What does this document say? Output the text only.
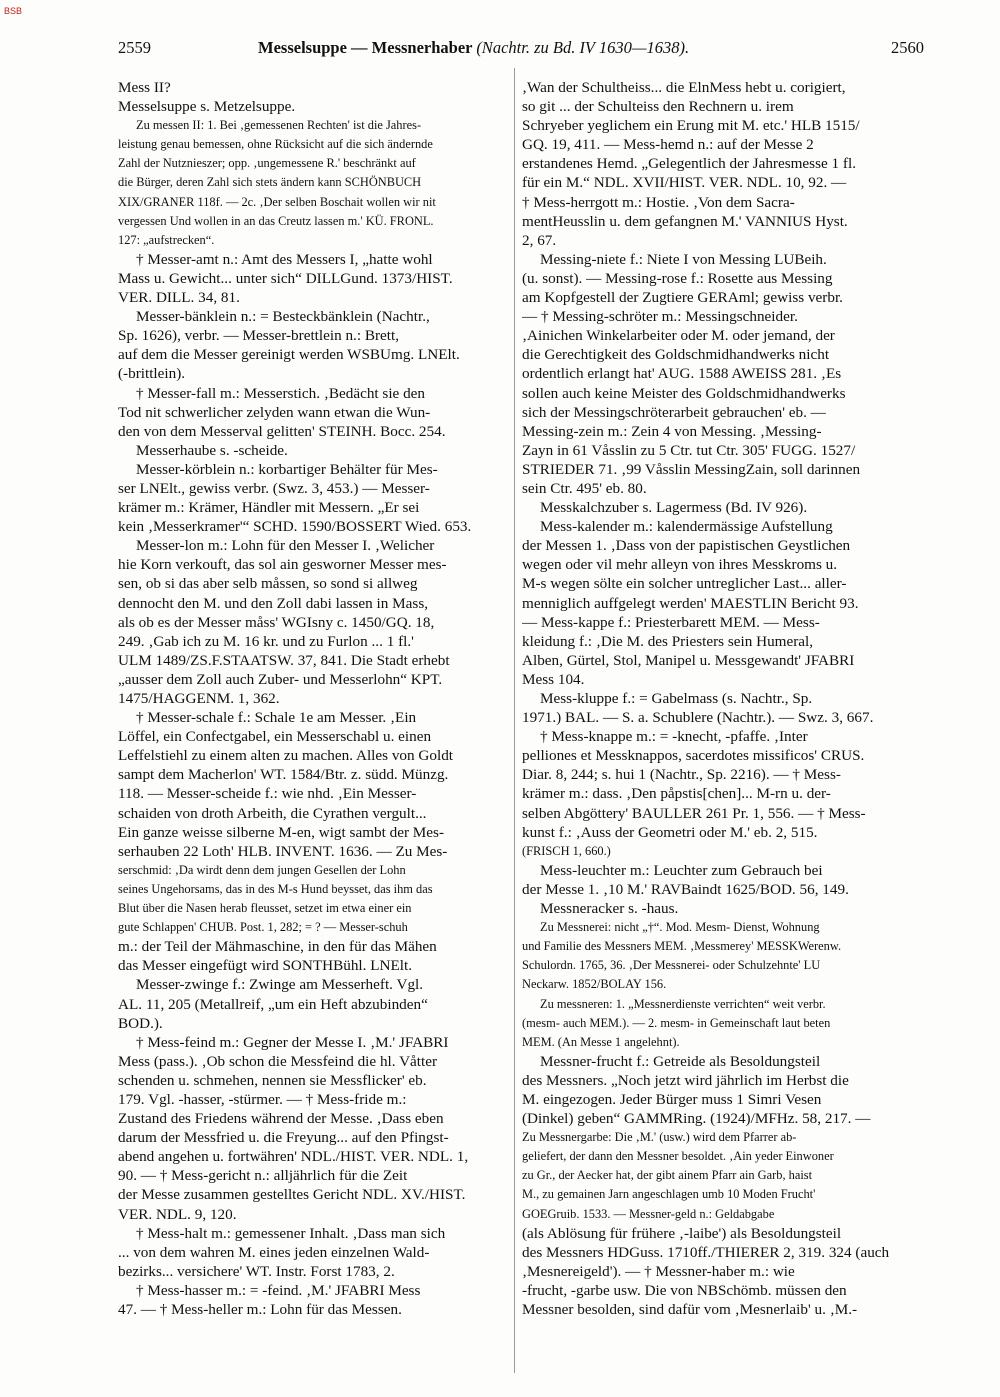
BSB
2559	Messelsuppe — Messnerhaber (Nachtr. zu Bd. IV 1630—1638).	2560
Mess II?
Messelsuppe s. Metzelsuppe.
Zu messen II: 1. Bei ‚gemessenen Rechten' ist die Jahres-
leistung genau bemessen, ohne Rücksicht auf die sich ändernde
Zahl der Nutznieszer; opp. ‚ungemessene R.' beschränkt auf
die Bürger, deren Zahl sich stets ändern kann SCHÖNBUCH
XIX/GRANER 118f. — 2c. ‚Der selben Boschait wollen wir nit
vergessen Und wollen in an das Creutz lassen m.' KÜ. FRONL.
127: „aufstrecken“.
† Messer-amt n.: Amt des Messers I, „hatte wohl
Mass u. Gewicht... unter sich“ DILLGund. 1373/HIST.
VER. DILL. 34, 81.
Messer-bänklein n.: = Besteckbänklein (Nachtr.,
Sp. 1626), verbr. — Messer-brettlein n.: Brett,
auf dem die Messer gereinigt werden WSBUmg. LNElt.
(-brittlein).
† Messer-fall m.: Messerstich. ‚Bedächt sie den
Tod nit schwerlicher zelyden wann etwan die Wun-
den von dem Messerval gelitten' STEINH. Bocc. 254.
Messerhaube s. -scheide.
Messer-körblein n.: korbartiger Behälter für Mes-
ser LNElt., gewiss verbr. (Swz. 3, 453.) — Messer-
krämer m.: Krämer, Händler mit Messern. „Er sei
kein ‚Messerkramer'“ SCHD. 1590/BOSSERT Wied. 653.
Messer-lon m.: Lohn für den Messer I. ‚Welicher
hie Korn verkouft, das sol ain gesworner Messer mes-
sen, ob si das aber selb måssen, so sond si allweg
dennocht den M. und den Zoll dabi lassen in Mass,
als ob es der Messer måss' WGIsny c. 1450/GQ. 18,
249. ‚Gab ich zu M. 16 kr. und zu Furlon ... 1 fl.'
ULM 1489/ZS.F.STAATSW. 37, 841. Die Stadt erhebt
„ausser dem Zoll auch Zuber- und Messerlohn“ KPT.
1475/HAGGENM. 1, 362.
† Messer-schale f.: Schale 1e am Messer. ‚Ein
Löffel, ein Confectgabel, ein Messerschabl u. einen
Leffelstiehl zu einem alten zu machen. Alles von Goldt
sampt dem Macherlon' WT. 1584/Btr. z. südd. Münzg.
118. — Messer-scheide f.: wie nhd. ‚Ein Messer-
schaiden von droth Arbeith, die Cyrathen vergult...
Ein ganze weisse silberne M-en, wigt sambt der Mes-
serhauben 22 Loth' HLB. INVENT. 1636. — Zu Mes-
serschmid: ‚Da wirdt denn dem jungen Gesellen der Lohn
seines Ungehorsams, das in des M-s Hund beysset, das ihm das
Blut über die Nasen herab fleusset, setzet im etwa einer ein
gute Schlappen' CHUB. Post. 1, 282; = ? — Messer-schuh
m.: der Teil der Mähmaschine, in den für das Mähen
das Messer eingefügt wird SONTHBühl. LNElt.
Messer-zwinge f.: Zwinge am Messerheft. Vgl.
AL. 11, 205 (Metallreif, „um ein Heft abzubinden“
BOD.).
† Mess-feind m.: Gegner der Messe I. ‚M.' JFABRI
Mess (pass.). ‚Ob schon die Messfeind die hl. Våtter
schenden u. schmehen, nennen sie Messflicker' eb.
179. Vgl. -hasser, -stürmer. — † Mess-fride m.:
Zustand des Friedens während der Messe. ‚Dass eben
darum der Messfried u. die Freyung... auf den Pfingst-
abend angehen u. fortwähren' NDL./HIST. VER. NDL. 1,
90. — † Mess-gericht n.: alljährlich für die Zeit
der Messe zusammen gestelltes Gericht NDL. XV./HIST.
VER. NDL. 9, 120.
† Mess-halt m.: gemessener Inhalt. ‚Dass man sich
... von dem wahren M. eines jeden einzelnen Wald-
bezirks... versichere' WT. Instr. Forst 1783, 2.
† Mess-hasser m.: = -feind. ‚M.' JFABRI Mess
47. — † Mess-heller m.: Lohn für das Messen.
‚Wan der Schultheiss... die ElnMess hebt u. corigiert,
so git ... der Schulteiss den Rechnern u. irem
Schryeber yeglichem ein Erung mit M. etc.' HLB 1515/
GQ. 19, 411. — Mess-hemd n.: auf der Messe 2
erstandenes Hemd. „Gelegentlich der Jahresmesse 1 fl.
für ein M.“ NDL. XVII/HIST. VER. NDL. 10, 92. —
† Mess-herrgott m.: Hostie. ‚Von dem Sacra-
mentHeusslin u. dem gefangnen M.' VANNIUS Hyst.
2, 67.
Messing-niete f.: Niete I von Messing LUBeih.
(u. sonst). — Messing-rose f.: Rosette aus Messing
am Kopfgestell der Zugtiere GERAml; gewiss verbr.
— † Messing-schröter m.: Messingschneider.
‚Ainichen Winkelarbeiter oder M. oder jemand, der
die Gerechtigkeit des Goldschmidhandwerks nicht
ordentlich erlangt hat' AUG. 1588 AWEISS 281. ‚Es
sollen auch keine Meister des Goldschmidhandwerks
sich der Messingschröterarbeit gebrauchen' eb. —
Messing-zein m.: Zein 4 von Messing. ‚Messing-
Zayn in 61 Våsslin zu 5 Ctr. tut Ctr. 305' FUGG. 1527/
STRIEDER 71. ‚99 Våsslin MessingZain, soll darinnen
sein Ctr. 495' eb. 80.
Messkalchzuber s. Lagermess (Bd. IV 926).
Mess-kalender m.: kalendermässige Aufstellung
der Messen 1. ‚Dass von der papistischen Geystlichen
wegen oder vil mehr alleyn von ihres Messkroms u.
M-s wegen sölte ein solcher untreglicher Last... aller-
menniglich auffgelegt werden' MAESTLIN Bericht 93.
— Mess-kappe f.: Priesterbarett MEM. — Mess-
kleidung f.: ‚Die M. des Priesters sein Humeral,
Alben, Gürtel, Stol, Manipel u. Messgewandt' JFABRI
Mess 104.
Mess-kluppe f.: = Gabelmass (s. Nachtr., Sp.
1971.) BAL. — S. a. Schublere (Nachtr.). — Swz. 3, 667.
† Mess-knappe m.: = -knecht, -pfaffe. ‚Inter
pelliones et Messknappos, sacerdotes missificos' CRUS.
Diar. 8, 244; s. hui 1 (Nachtr., Sp. 2216). — † Mess-
krämer m.: dass. ‚Den påpstis[chen]... M-rn u. der-
selben Abgöttery' BAULLER 261 Pr. 1, 556. — † Mess-
kunst f.: ‚Auss der Geometri oder M.' eb. 2, 515.
(FRISCH 1, 660.)
Mess-leuchter m.: Leuchter zum Gebrauch bei
der Messe 1. ‚10 M.' RAVBaindt 1625/BOD. 56, 149.
Messneracker s. -haus.
Zu Messnerei: nicht „†“. Mod. Mesm- Dienst, Wohnung
und Familie des Messners MEM. ‚Messmerey' MESSKWerenw.
Schulordn. 1765, 36. ‚Der Messnerei- oder Schulzehnte' LU
Neckarw. 1852/BOLAY 156.
Zu messneren: 1. „Messnerdienste verrichten“ weit verbr.
(mesm- auch MEM.). — 2. mesm- in Gemeinschaft laut beten
MEM. (An Messe 1 angelehnt).
Messner-frucht f.: Getreide als Besoldungsteil
des Messners. „Noch jetzt wird jährlich im Herbst die
M. eingezogen. Jeder Bürger muss 1 Simri Vesen
(Dinkel) geben“ GAMMRing. (1924)/MFHz. 58, 217. —
Zu Messnergarbe: Die ‚M.' (usw.) wird dem Pfarrer ab-
geliefert, der dann den Messner besoldet. ‚Ain yeder Einwoner
zu Gr., der Aecker hat, der gibt ainem Pfarr ain Garb, haist
M., zu gemainen Jarn angeschlagen umb 10 Moden Frucht'
GOEGruib. 1533. — Messner-geld n.: Geldabgabe
(als Ablösung für frühere ‚-laibe') als Besoldungsteil
des Messners HDGuss. 1710ff./THIERER 2, 319. 324 (auch
‚Mesnereigeld'). — † Messner-haber m.: wie
-frucht, -garbe usw. Die von NBSchömb. müssen den
Messner besolden, sind dafür vom ‚Mesnerlaib' u. ‚M.-
